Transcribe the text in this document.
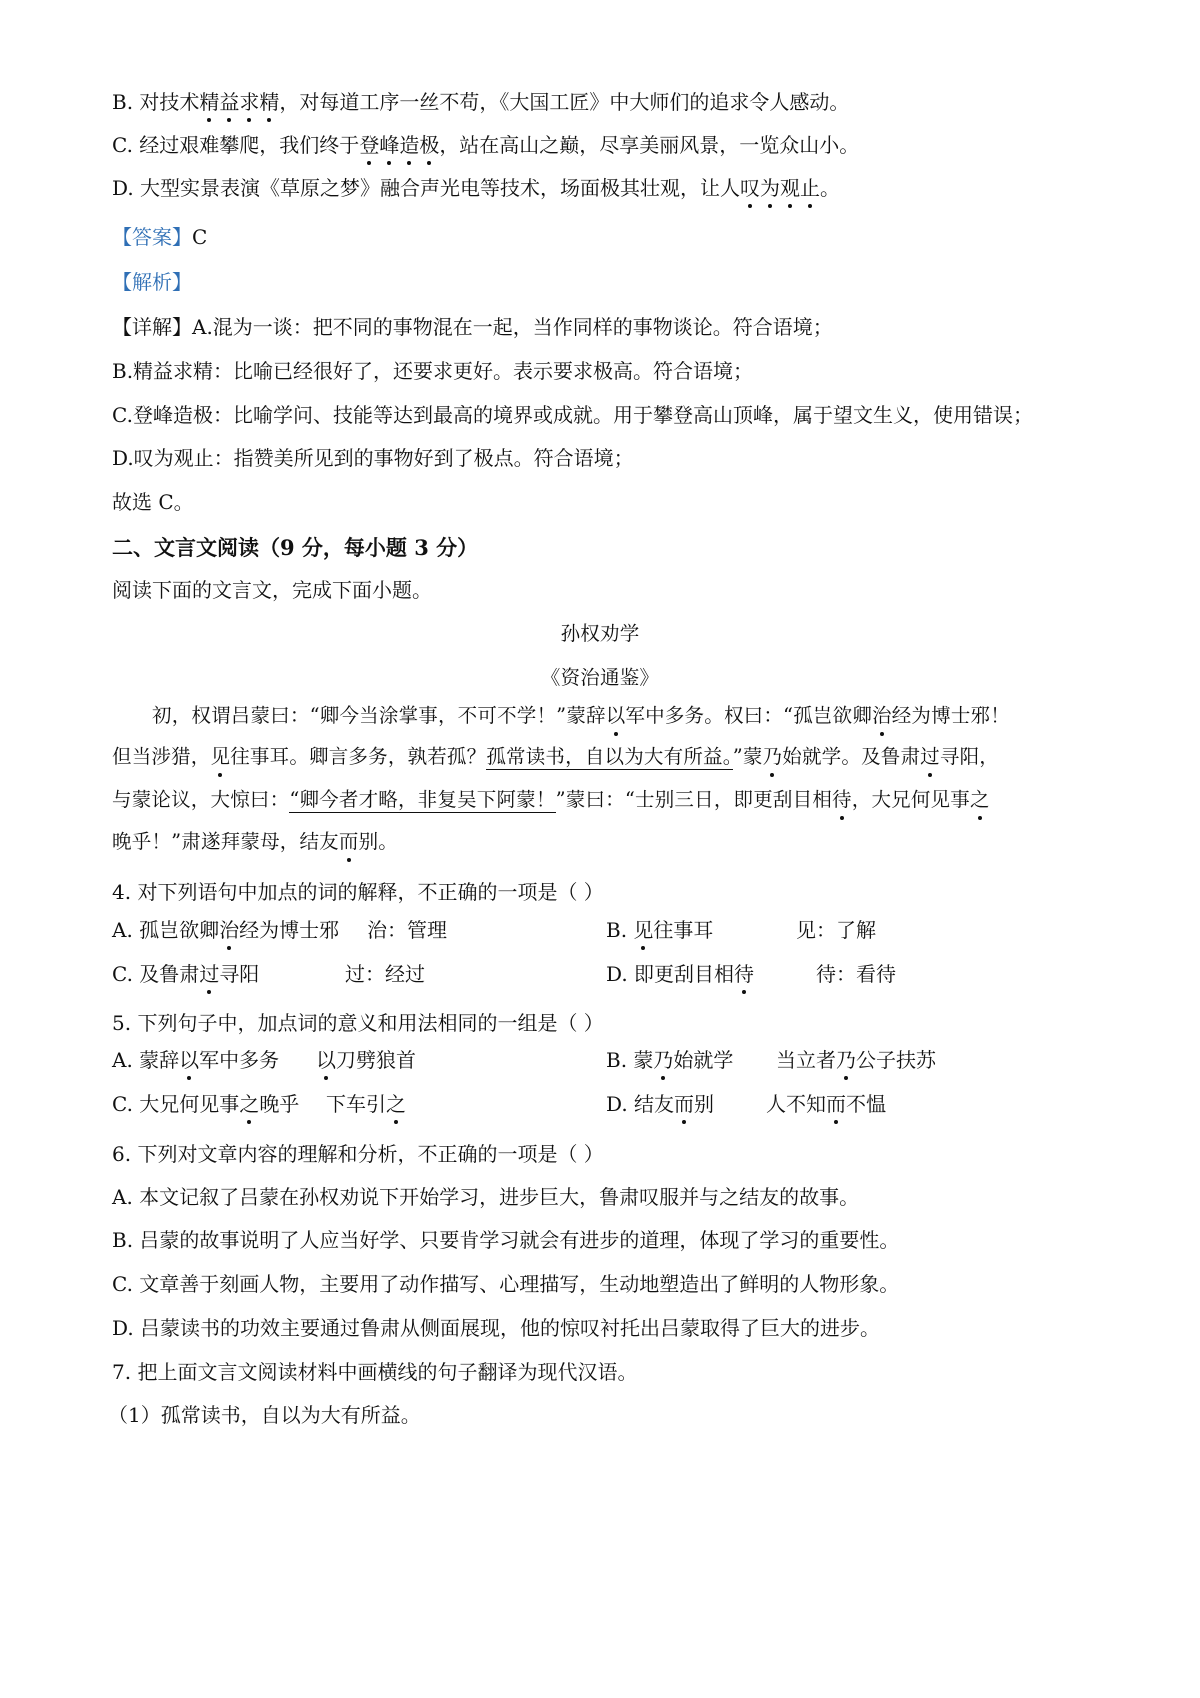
B. 对技术精益求精，对每道工序一丝不苟，《大国工匠》中大师们的追求令人感动。
C. 经过艰难攀爬，我们终于登峰造极，站在高山之巅，尽享美丽风景，一览众山小。
D. 大型实景表演《草原之梦》融合声光电等技术，场面极其壮观，让人叹为观止。
【答案】C
【解析】
【详解】A.混为一谈：把不同的事物混在一起，当作同样的事物谈论。符合语境；
B.精益求精：比喻已经很好了，还要求更好。表示要求极高。符合语境；
C.登峰造极：比喻学问、技能等达到最高的境界或成就。用于攀登高山顶峰，属于望文生义，使用错误；
D.叹为观止：指赞美所见到的事物好到了极点。符合语境；
故选 C。
二、文言文阅读（9 分，每小题 3 分）
阅读下面的文言文，完成下面小题。
孙权劝学
《资治通鉴》
初，权谓吕蒙曰：“卿今当涂掌事，不可不学！”蒙辞以军中多务。权曰：“孤岂欲卿治经为博士邪！
但当涉猎，见往事耳。卿言多务，孰若孤？孤常读书，自以为大有所益。”蒙乃始就学。及鲁肃过寻阳，
与蒙论议，大惊曰：“卿今者才略，非复吴下阿蒙！”蒙曰：“士别三日，即更刮目相待，大兄何见事之
晚乎！”肃遂拜蒙母，结友而别。
4. 对下列语句中加点的词的解释，不正确的一项是（ ）
A. 孤岂欲卿治经为博士邪 治：管理	B. 见往事耳	见：了解
C. 及鲁肃过寻阳	过：经过	D. 即更刮目相待	待：看待
5. 下列句子中，加点词的意义和用法相同的一组是（ ）
A. 蒙辞以军中多务 以刀劈狼首	B. 蒙乃始就学 当立者乃公子扶苏
C. 大兄何见事之晚乎 下车引之	D. 结友而别	人不知而不愠
6. 下列对文章内容的理解和分析，不正确的一项是（ ）
A. 本文记叙了吕蒙在孙权劝说下开始学习，进步巨大，鲁肃叹服并与之结友的故事。
B. 吕蒙的故事说明了人应当好学、只要肯学习就会有进步的道理，体现了学习的重要性。
C. 文章善于刻画人物，主要用了动作描写、心理描写，生动地塑造出了鲜明的人物形象。
D. 吕蒙读书的功效主要通过鲁肃从侧面展现，他的惊叹衬托出吕蒙取得了巨大的进步。
7. 把上面文言文阅读材料中画横线的句子翻译为现代汉语。
（1）孤常读书，自以为大有所益。
